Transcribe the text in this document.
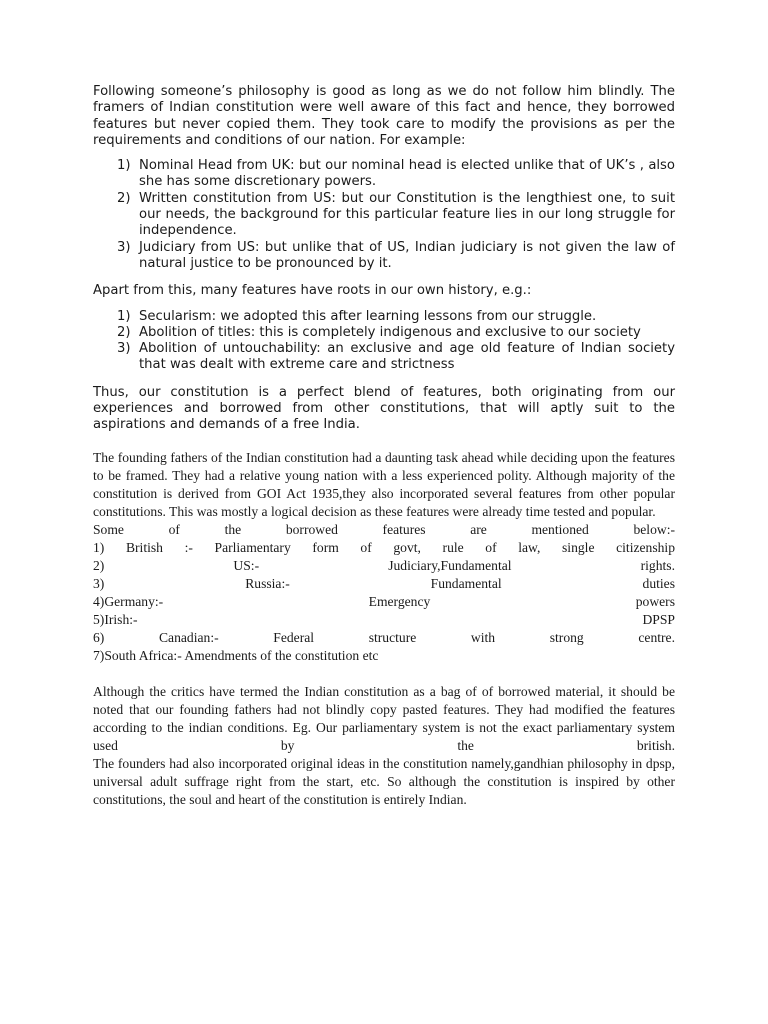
Following someone’s philosophy is good as long as we do not follow him blindly. The framers of Indian constitution were well aware of this fact and hence, they borrowed features but never copied them. They took care to modify the provisions as per the requirements and conditions of our nation. For example:

1) Nominal Head from UK: but our nominal head is elected unlike that of UK’s , also she has some discretionary powers.
2) Written constitution from US: but our Constitution is the lengthiest one, to suit our needs, the background for this particular feature lies in our long struggle for independence.
3) Judiciary from US: but unlike that of US, Indian judiciary is not given the law of natural justice to be pronounced by it.

Apart from this, many features have roots in our own history, e.g.:

1) Secularism: we adopted this after learning lessons from our struggle.
2) Abolition of titles: this is completely indigenous and exclusive to our society
3) Abolition of untouchability: an exclusive and age old feature of Indian society that was dealt with extreme care and strictness

Thus, our constitution is a perfect blend of features, both originating from our experiences and borrowed from other constitutions, that will aptly suit to the aspirations and demands of a free India.

The founding fathers of the Indian constitution had a daunting task ahead while deciding upon the features to be framed. They had a relative young nation with a less experienced polity. Although majority of the constitution is derived from GOI Act 1935,they also incorporated several features from other popular constitutions. This was mostly a logical decision as these features were already time tested and popular.

Some of the borrowed features are mentioned below:-

1) British :- Parliamentary form of govt, rule of law, single citizenship

2) US:- Judiciary,Fundamental rights.

3) Russia:- Fundamental duties

4)Germany:- Emergency powers

5)Irish:- DPSP

6) Canadian:- Federal structure with strong centre.

7)South Africa:- Amendments of the constitution etc

Although the critics have termed the Indian constitution as a bag of of borrowed material, it should be noted that our founding fathers had not blindly copy pasted features. They had modified the features according to the indian conditions. Eg. Our parliamentary system is not the exact parliamentary system used by the british.

The founders had also incorporated original ideas in the constitution namely,gandhian philosophy in dpsp, universal adult suffrage right from the start, etc. So although the constitution is inspired by other constitutions, the soul and heart of the constitution is entirely Indian.
